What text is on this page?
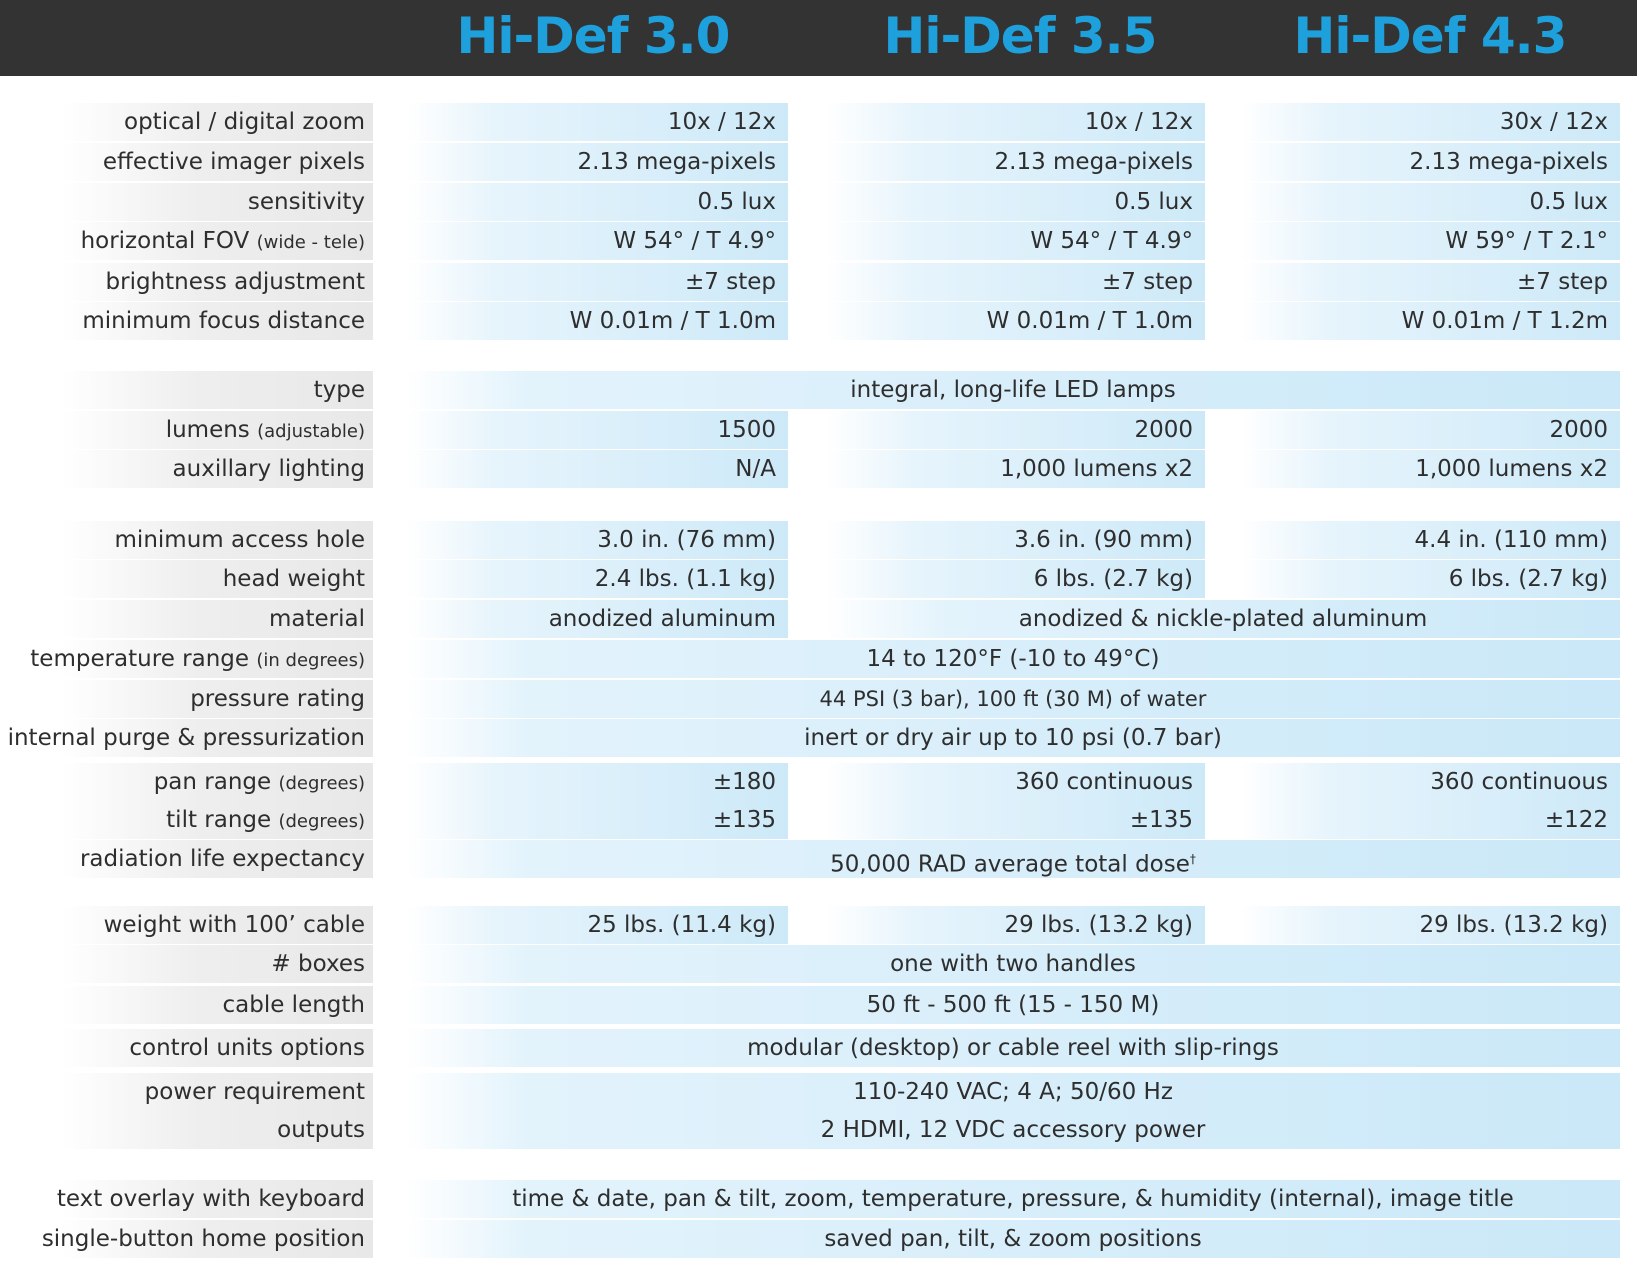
Hi-Def 3.0	Hi-Def 3.5	Hi-Def 4.3
optical / digital zoom	10x / 12x	10x / 12x	30x / 12x
effective imager pixels	2.13 mega-pixels	2.13 mega-pixels	2.13 mega-pixels
sensitivity	0.5 lux	0.5 lux	0.5 lux
horizontal FOV (wide - tele)	W 54° / T 4.9°	W 54° / T 4.9°	W 59° / T 2.1°
brightness adjustment	±7 step	±7 step	±7 step
minimum focus distance	W 0.01m / T 1.0m	W 0.01m / T 1.0m	W 0.01m / T 1.2m
type	integral, long-life LED lamps
lumens (adjustable)	1500	2000	2000
auxillary lighting	N/A	1,000 lumens x2	1,000 lumens x2
minimum access hole	3.0 in. (76 mm)	3.6 in. (90 mm)	4.4 in. (110 mm)
head weight	2.4 lbs. (1.1 kg)	6 lbs. (2.7 kg)	6 lbs. (2.7 kg)
material	anodized aluminum	anodized & nickle-plated aluminum
temperature range (in degrees)	14 to 120°F (-10 to 49°C)
pressure rating	44 PSI (3 bar), 100 ft (30 M) of water
internal purge & pressurization	inert or dry air up to 10 psi (0.7 bar)
pan range (degrees)	±180	360 continuous	360 continuous
tilt range (degrees)	±135	±135	±122
radiation life expectancy	50,000 RAD average total dose†
weight with 100’ cable	25 lbs. (11.4 kg)	29 lbs. (13.2 kg)	29 lbs. (13.2 kg)
# boxes	one with two handles
cable length	50 ft - 500 ft (15 - 150 M)
control units options	modular (desktop) or cable reel with slip-rings
power requirement	110-240 VAC; 4 A; 50/60 Hz
outputs	2 HDMI, 12 VDC accessory power
text overlay with keyboard	time & date, pan & tilt, zoom, temperature, pressure, & humidity (internal), image title
single-button home position	saved pan, tilt, & zoom positions
